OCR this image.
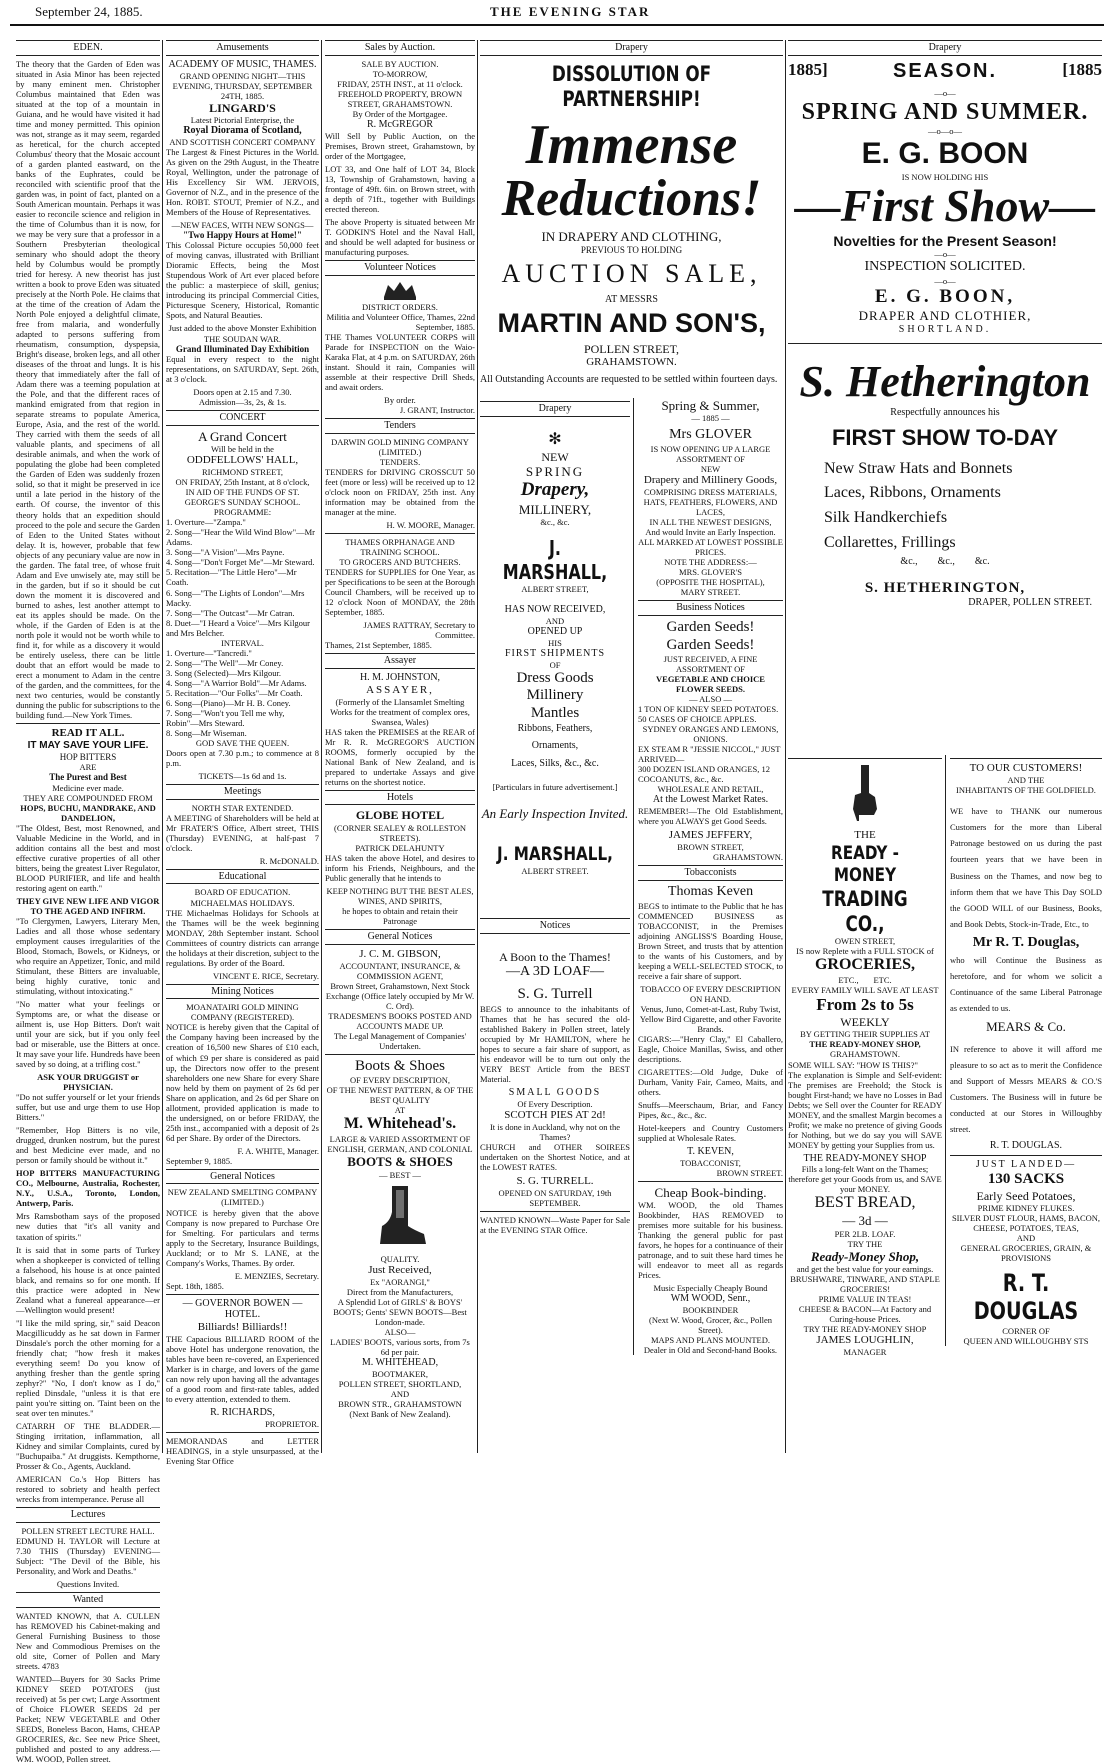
September 24, 1885.	THE EVENING STAR
EDEN.

The theory that the Garden of Eden was situated in Asia Minor has been rejected by many eminent men. Christopher Columbus maintained that Eden was situated at the top of a mountain in Guiana, and he would have visited it had time and money permitted. This opinion was not, strange as it may seem, regarded as heretical, for the church accepted Columbus' theory that the Mosaic account of a garden planted eastward, on the banks of the Euphrates, could be reconciled with scientific proof that the garden was, in point of fact, planted on a South American mountain. Perhaps it was easier to reconcile science and religion in the time of Columbus than it is now, for we may be very sure that a professor in a Southern Presbyterian theological seminary who should adopt the theory held by Columbus would be promptly tried for heresy. A new theorist has just written a book to prove Eden was situated precisely at the North Pole. He claims that at the time of the creation of Adam the North Pole enjoyed a delightful climate, free from malaria, and wonderfully adapted to persons suffering from rheumatism, consumption, dyspepsia, Bright's disease, broken legs, and all other diseases of the throat and lungs. It is his theory that immediately after the fall of Adam there was a teeming population at the Pole, and that the different races of mankind emigrated from that region in separate streams to populate America, Europe, Asia, and the rest of the world. They carried with them the seeds of all valuable plants, and specimens of all desirable animals, and when the work of populating the globe had been completed the Garden of Eden was suddenly frozen solid, so that it might be preserved in ice until a late period in the history of the earth. Of course, the inventor of this theory holds that an expedition should proceed to the pole and secure the Garden of Eden to the United States without delay. It is, however, probable that few objects of any pecuniary value are now in the garden. The fatal tree, of whose fruit Adam and Eve unwisely ate, may still be in the garden, but if so it should be cut down the moment it is discovered and burned to ashes, lest another attempt to eat its apples should be made. On the whole, if the Garden of Eden is at the north pole it would not be worth while to find it, for while as a discovery it would be entirely useless, there can be little doubt that an effort would be made to erect a monument to Adam in the centre of the garden, and the committees, for the next two centuries, would be constantly dunning the public for subscriptions to the building fund.—New York Times.

READ IT ALL.
IT MAY SAVE YOUR LIFE.
HOP BITTERS
ARE
The Purest and Best
Medicine ever made.
THEY ARE COMPOUNDED FROM
HOPS, BUCHU, MANDRAKE, AND DANDELION,

"The Oldest, Best, most Renowned, and Valuable Medicine in the World, and in addition contains all the best and most effective curative properties of all other bitters, being the greatest Liver Regulator, BLOOD PURIFIER, and life and health restoring agent on earth."

THEY GIVE NEW LIFE AND VIGOR TO THE AGED AND INFIRM.

"To Clergymen, Lawyers, Literary Men, Ladies and all those whose sedentary employment causes irregularities of the Blood, Stomach, Bowels, or Kidneys, or who require an Appetizer, Tonic, and mild Stimulant, these Bitters are invaluable, being highly curative, tonic and stimulating, without intoxicating."

"No matter what your feelings or Symptoms are, or what the disease or ailment is, use Hop Bitters. Don't wait until your are sick, but if you only feel bad or miserable, use the Bitters at once. It may save your life. Hundreds have been saved by so doing, at a trifling cost."

ASK YOUR DRUGGIST or PHYSICIAN.

"Do not suffer yourself or let your friends suffer, but use and urge them to use Hop Bitters."

"Remember, Hop Bitters is no vile, drugged, drunken nostrum, but the purest and best Medicine ever made, and no person or family should be without it."

HOP BITTERS MANUFACTURING CO., Melbourne, Australia, Rochester, N.Y., U.S.A., Toronto, London, Antwerp, Paris.

Mrs Ramsbotham says of the proposed new duties that "it's all vanity and taxation of spirits."

It is said that in some parts of Turkey when a shopkeeper is convicted of telling a falsehood, his house is at once painted black, and remains so for one month. If this practice were adopted in New Zealand what a funereal appearance—er—Wellington would present!

"I like the mild spring, sir," said Deacon Macgillicuddy as he sat down in Farmer Dinsdale's porch the other morning for a friendly chat; "how fresh it makes everything seem! Do you know of anything fresher than the gentle spring zephyr?" "No, I don't know as I do," replied Dinsdale, "unless it is that ere paint you're sitting on. 'Taint been on the seat over ten minutes."

CATARRH OF THE BLADDER.—Stinging irritation, inflammation, all Kidney and similar Complaints, cured by "Buchupaiba." At druggists. Kempthorne, Prosser & Co., Agents, Auckland.

AMERICAN Co.'s Hop Bitters has restored to sobriety and health perfect wrecks from intemperance. Peruse all

Lectures
POLLEN STREET LECTURE HALL.

EDMUND H. TAYLOR will Lecture at 7.30 THIS (Thursday) EVENING—Subject: "The Devil of the Bible, his Personality, and Work and Deaths."

Questions Invited.
Wanted

WANTED KNOWN, that A. CULLEN has REMOVED his Cabinet-making and General Furnishing Business to those New and Commodious Premises on the old site, Corner of Pollen and Mary streets. 4783

WANTED—Buyers for 30 Sacks Prime KIDNEY SEED POTATOES (just received) at 5s per cwt; Large Assortment of Choice FLOWER SEEDS 2d per Packet; NEW VEGETABLE and Other SEEDS, Boneless Bacon, Hams, CHEAP GROCERIES, &c. See new Price Sheet, published and posted to any address.—WM. WOOD, Pollen street.

Amusements
ACADEMY OF MUSIC, THAMES.
GRAND OPENING NIGHT—THIS EVENING, THURSDAY, SEPTEMBER 24TH, 1885.
LINGARD'S
Latest Pictorial Enterprise, the
Royal Diorama of Scotland,
AND SCOTTISH CONCERT COMPANY

The Largest & Finest Pictures in the World. As given on the 29th August, in the Theatre Royal, Wellington, under the patronage of His Excellency Sir WM. JERVOIS, Governor of N.Z., and in the presence of the Hon. ROBT. STOUT, Premier of N.Z., and Members of the House of Representatives.

—NEW FACES, WITH NEW SONGS—
"Two Happy Hours at Home!"

This Colossal Picture occupies 50,000 feet of moving canvas, illustrated with Brilliant Dioramic Effects, being the Most Stupendous Work of Art ever placed before the public: a masterpiece of skill, genius; introducing its principal Commercial Cities, Picturesque Scenery, Historical, Romantic Spots, and Natural Beauties.

Just added to the above Monster Exhibition THE SOUDAN WAR.
Grand Illuminated Day Exhibition

Equal in every respect to the night representations, on SATURDAY, Sept. 26th, at 3 o'clock.

Doors open at 2.15 and 7.30.
Admission—3s, 2s, & 1s.
CONCERT
A Grand Concert
Will be held in the
ODDFELLOWS' HALL,
RICHMOND STREET,
ON FRIDAY, 25th Instant, at 8 o'clock,
IN AID OF THE FUNDS OF ST. GEORGE'S SUNDAY SCHOOL.
PROGRAMME:
1. Overture—"Zampa."
2. Song—"Hear the Wild Wind Blow"—Mr Adams.
3. Song—"A Vision"—Mrs Payne.
4. Song—"Don't Forget Me"—Mr Steward.
5. Recitation—"The Little Hero"—Mr Coath.
6. Song—"The Lights of London"—Mrs Macky.
7. Song—"The Outcast"—Mr Catran.
8. Duet—"I Heard a Voice"—Mrs Kilgour and Mrs Belcher.
INTERVAL.
1. Overture—"Tancredi."
2. Song—"The Well"—Mr Coney.
3. Song (Selected)—Mrs Kilgour.
4. Song—"A Warrior Bold"—Mr Adams.
5. Recitation—"Our Folks"—Mr Coath.
6. Song—(Piano)—Mr H. B. Coney.
7. Song—"Won't you Tell me why, Robin"—Mrs Steward.
8. Song—Mr Wiseman.
GOD SAVE THE QUEEN.

Doors open at 7.30 p.m.; to commence at 8 p.m.

TICKETS—1s 6d and 1s.
Meetings
NORTH STAR EXTENDED.

A MEETING of Shareholders will be held at Mr FRATER'S Office, Albert street, THIS (Thursday) EVENING, at half-past 7 o'clock.

R. McDONALD.
Educational
BOARD OF EDUCATION.
MICHAELMAS HOLIDAYS.

THE Michaelmas Holidays for Schools at the Thames will be the week beginning MONDAY, 28th September instant. School Committees of country districts can arrange the holidays at their discretion, subject to the regulations. By order of the Board.

VINCENT E. RICE, Secretary.
Mining Notices
MOANATAIRI GOLD MINING COMPANY (REGISTERED).

NOTICE is hereby given that the Capital of the Company having been increased by the creation of 16,500 new Shares of £10 each, of which £9 per share is considered as paid up, the Directors now offer to the present shareholders one new Share for every Share now held by them on payment of 2s 6d per Share on application, and 2s 6d per Share on allotment, provided application is made to the undersigned, on or before FRIDAY, the 25th inst., accompanied with a deposit of 2s 6d per Share. By order of the Directors.

F. A. WHITE, Manager.
September 9, 1885.
General Notices
NEW ZEALAND SMELTING COMPANY (LIMITED.)

NOTICE is hereby given that the above Company is now prepared to Purchase Ore for Smelting. For particulars and terms apply to the Secretary, Insurance Buildings, Auckland; or to Mr S. LANE, at the Company's Works, Thames. By order.

E. MENZIES, Secretary.
Sept. 18th, 1885.
— GOVERNOR BOWEN — HOTEL.
Billiards! Billiards!!

THE Capacious BILLIARD ROOM of the above Hotel has undergone renovation, the tables have been re-covered, an Experienced Marker is in charge, and lovers of the game can now rely upon having all the advantages of a good room and first-rate tables, added to every attention, extended to them.

R. RICHARDS,
PROPRIETOR.

MEMORANDAS and LETTER HEADINGS, in a style unsurpassed, at the Evening Star Office

Sales by Auction.
SALE BY AUCTION.
TO-MORROW,
FRIDAY, 25TH INST., at 11 o'clock.
FREEHOLD PROPERTY, BROWN STREET, GRAHAMSTOWN.
By Order of the Mortgagee.
R. McGREGOR

Will Sell by Public Auction, on the Premises, Brown street, Grahamstown, by order of the Mortgagee,

LOT 33, and One half of LOT 34, Block 13, Township of Grahamstown, having a frontage of 49ft. 6in. on Brown street, with a depth of 71ft., together with Buildings erected thereon.

The above Property is situated between Mr T. GODKIN'S Hotel and the Naval Hall, and should be well adapted for business or manufacturing purposes.

Volunteer Notices
DISTRICT ORDERS.
Militia and Volunteer Office, Thames, 22nd September, 1885.

THE Thames VOLUNTEER CORPS will Parade for INSPECTION on the Waio-Karaka Flat, at 4 p.m. on SATURDAY, 26th instant. Should it rain, Companies will assemble at their respective Drill Sheds, and await orders.

By order.
J. GRANT, Instructor.
Tenders
DARWIN GOLD MINING COMPANY (LIMITED.)
TENDERS.

TENDERS for DRIVING CROSSCUT 50 feet (more or less) will be received up to 12 o'clock noon on FRIDAY, 25th inst. Any information may be obtained from the manager at the mine.

H. W. MOORE, Manager.
THAMES ORPHANAGE AND TRAINING SCHOOL.
TO GROCERS AND BUTCHERS.

TENDERS for SUPPLIES for One Year, as per Specifications to be seen at the Borough Council Chambers, will be received up to 12 o'clock Noon of MONDAY, the 28th September, 1885.

JAMES RATTRAY, Secretary to Committee.
Thames, 21st September, 1885.
Assayer
H. M. JOHNSTON,
ASSAYER,
(Formerly of the Llansamlet Smelting Works for the treatment of complex ores, Swansea, Wales)

HAS taken the PREMISES at the REAR of Mr R. R. McGREGOR'S AUCTION ROOMS, formerly occupied by the National Bank of New Zealand, and is prepared to undertake Assays and give returns on the shortest notice.

Hotels
GLOBE HOTEL
(CORNER SEALEY & ROLLESTON STREETS).
PATRICK DELAHUNTY

HAS taken the above Hotel, and desires to inform his Friends, Neighbours, and the Public generally that he intends to

KEEP NOTHING BUT THE BEST ALES, WINES, AND SPIRITS,
he hopes to obtain and retain their Patronage
General Notices
J. C. M. GIBSON,
ACCOUNTANT, INSURANCE, & COMMISSION AGENT,
Brown Street, Grahamstown, Next Stock Exchange (Office lately occupied by Mr W. C. Ord).
TRADESMEN'S BOOKS POSTED AND ACCOUNTS MADE UP.
The Legal Management of Companies' Undertaken.
Boots & Shoes
OF EVERY DESCRIPTION,
OF THE NEWEST PATTERN, & OF THE BEST QUALITY
AT
M. Whitehead's.
LARGE & VARIED ASSORTMENT OF ENGLISH, GERMAN, AND COLONIAL
BOOTS & SHOES
— BEST —
QUALITY.
Just Received,
Ex "AORANGI,"
Direct from the Manufacturers,
A Splendid Lot of GIRLS' & BOYS' BOOTS; Gents' SEWN BOOTS—Best London-made.
ALSO—
LADIES' BOOTS, various sorts, from 7s 6d per pair.
M. WHITEHEAD,
BOOTMAKER,
POLLEN STREET, SHORTLAND,
AND
BROWN STR., GRAHAMSTOWN
(Next Bank of New Zealand).
Drapery
DISSOLUTION OF PARTNERSHIP!
Immense
Reductions!
IN DRAPERY AND CLOTHING,
PREVIOUS TO HOLDING
AUCTION SALE,
AT MESSRS
MARTIN AND SON'S,
POLLEN STREET,
GRAHAMSTOWN.

All Outstanding Accounts are requested to be settled within fourteen days.

Drapery
✻
NEW
SPRING
Drapery,
MILLINERY,
&c., &c.
J. MARSHALL,
ALBERT STREET,
HAS NOW RECEIVED,
AND
OPENED UP
HIS
FIRST SHIPMENTS
OF
Dress Goods
Millinery
Mantles
Ribbons, Feathers,
Ornaments,
Laces, Silks, &c., &c.
[Particulars in future advertisement.]
An Early Inspection Invited.
J. MARSHALL,
ALBERT STREET.
Notices
A Boon to the Thames!
—A 3D LOAF—
S. G. Turrell

BEGS to announce to the inhabitants of Thames that he has secured the old-established Bakery in Pollen street, lately occupied by Mr HAMILTON, where he hopes to secure a fair share of support, as his endeavor will be to turn out only the VERY BEST Article from the BEST Material.

SMALL GOODS
Of Every Description.
SCOTCH PIES AT 2d!
It is done in Auckland, why not on the Thames?

CHURCH and OTHER SOIREES undertaken on the Shortest Notice, and at the LOWEST RATES.

S. G. TURRELL.
OPENED ON SATURDAY, 19th SEPTEMBER.

WANTED KNOWN—Waste Paper for Sale at the EVENING STAR Office.

Spring & Summer,
— 1885 —
Mrs GLOVER
IS NOW OPENING UP A LARGE ASSORTMENT OF
NEW
Drapery and Millinery Goods,
COMPRISING DRESS MATERIALS, HATS, FEATHERS, FLOWERS, AND LACES,
IN ALL THE NEWEST DESIGNS,
And would Invite an Early Inspection.
ALL MARKED AT LOWEST POSSIBLE PRICES.
NOTE THE ADDRESS:—
MRS. GLOVER'S
(OPPOSITE THE HOSPITAL),
MARY STREET.
Business Notices
Garden Seeds!
Garden Seeds!
JUST RECEIVED, A FINE ASSORTMENT OF
VEGETABLE AND CHOICE FLOWER SEEDS.
— ALSO —
1 TON OF KIDNEY SEED POTATOES.
50 CASES OF CHOICE APPLES.
SYDNEY ORANGES AND LEMONS, ONIONS.
EX STEAM R "JESSIE NICCOL," JUST ARRIVED—
300 DOZEN ISLAND ORANGES, 12 COCOANUTS, &c., &c.
WHOLESALE AND RETAIL,
At the Lowest Market Rates.

REMEMBER!—The Old Establishment, where you ALWAYS get Good Seeds.

JAMES JEFFERY,
BROWN STREET,
GRAHAMSTOWN.
Tobacconists
Thomas Keven

BEGS to intimate to the Public that he has COMMENCED BUSINESS as TOBACCONIST, in the Premises adjoining ANGLISS'S Boarding House, Brown Street, and trusts that by attention to the wants of his Customers, and by keeping a WELL-SELECTED STOCK, to receive a fair share of support.

TOBACCO OF EVERY DESCRIPTION ON HAND.
Venus, Juno, Comet-at-Last, Ruby Twist, Yellow Bird Cigarette, and other Favorite Brands.

CIGARS:—"Henry Clay," El Caballero, Eagle, Choice Manillas, Swiss, and other descriptions.

CIGARETTES:—Old Judge, Duke of Durham, Vanity Fair, Cameo, Maits, and others.

Snuffs—Meerschaum, Briar, and Fancy Pipes, &c., &c., &c.

Hotel-keepers and Country Customers supplied at Wholesale Rates.

T. KEVEN,
TOBACCONIST,
BROWN STREET.
Cheap Book-binding.

WM. WOOD, the old Thames Bookbinder, HAS REMOVED to premises more suitable for his business. Thanking the general public for past favors, he hopes for a continuance of their patronage, and to suit these hard times he will endeavor to meet all as regards Prices.

Music Especially Cheaply Bound
WM WOOD, Senr.,
BOOKBINDER
(Next W. Wood, Grocer, &c., Pollen Street).
MAPS AND PLANS MOUNTED.
Dealer in Old and Second-hand Books.
Drapery
1885]	SEASON.	[1885
—o—
SPRING AND SUMMER.
—o—o—
E. G. BOON
IS NOW HOLDING HIS
—First Show—
Novelties for the Present Season!
—o—
INSPECTION SOLICITED.
—o—
E. G. BOON,
DRAPER AND CLOTHIER,
SHORTLAND.
S. Hetherington
Respectfully announces his
FIRST SHOW TO-DAY
New Straw Hats and Bonnets
Laces, Ribbons, Ornaments
Silk Handkerchiefs
Collarettes, Frillings
&c.,        &c.,        &c.
S. HETHERINGTON,
DRAPER, POLLEN STREET.
THE
READY - MONEY
TRADING CO.,
OWEN STREET,
IS now Replete with a FULL STOCK of
GROCERIES,
ETC.,       ETC.
EVERY FAMILY WILL SAVE AT LEAST
From 2s to 5s
WEEKLY
BY GETTING THEIR SUPPLIES AT
THE READY-MONEY SHOP,
GRAHAMSTOWN.
SOME WILL SAY: "HOW IS THIS?"

The explanation is Simple and Self-evident: The premises are Freehold; the Stock is bought First-hand; we have no Losses in Bad Debts; we Sell over the Counter for READY MONEY, and the smallest Margin becomes a Profit; we make no pretence of giving Goods for Nothing, but we do say you will SAVE MONEY by getting your Supplies from us.

THE READY-MONEY SHOP
Fills a long-felt Want on the Thames; therefore get your Goods from us, and SAVE your MONEY.
BEST BREAD,
— 3d —
PER 2LB. LOAF.
TRY THE
Ready-Money Shop,
and get the best value for your earnings.
BRUSHWARE, TINWARE, AND STAPLE GROCERIES!
PRIME VALUE IN TEAS!
CHEESE & BACON—At Factory and Curing-house Prices.
TRY THE READY-MONEY SHOP
JAMES LOUGHLIN,
MANAGER
TO OUR CUSTOMERS!
AND THE
INHABITANTS OF THE GOLDFIELD.

WE have to THANK our numerous Customers for the more than Liberal Patronage bestowed on us during the past fourteen years that we have been in Business on the Thames, and now beg to inform them that we have This Day SOLD the GOOD WILL of our Business, Books, and Book Debts, Stock-in-Trade, Etc., to

Mr R. T. Douglas,

who will Continue the Business as heretofore, and for whom we solicit a Continuance of the same Liberal Patronage as extended to us.

MEARS & Co.

IN reference to above it will afford me pleasure to so act as to merit the Confidence and Support of Messrs MEARS & CO.'S Customers. The Business will in future be conducted at our Stores in Willoughby street.

R. T. DOUGLAS.
JUST LANDED—
130 SACKS
Early Seed Potatoes,
PRIME KIDNEY FLUKES.
SILVER DUST FLOUR, HAMS, BACON, CHEESE, POTATOES, TEAS,
AND
GENERAL GROCERIES, GRAIN, & PROVISIONS
R. T. DOUGLAS
CORNER OF
QUEEN AND WILLOUGHBY STS
